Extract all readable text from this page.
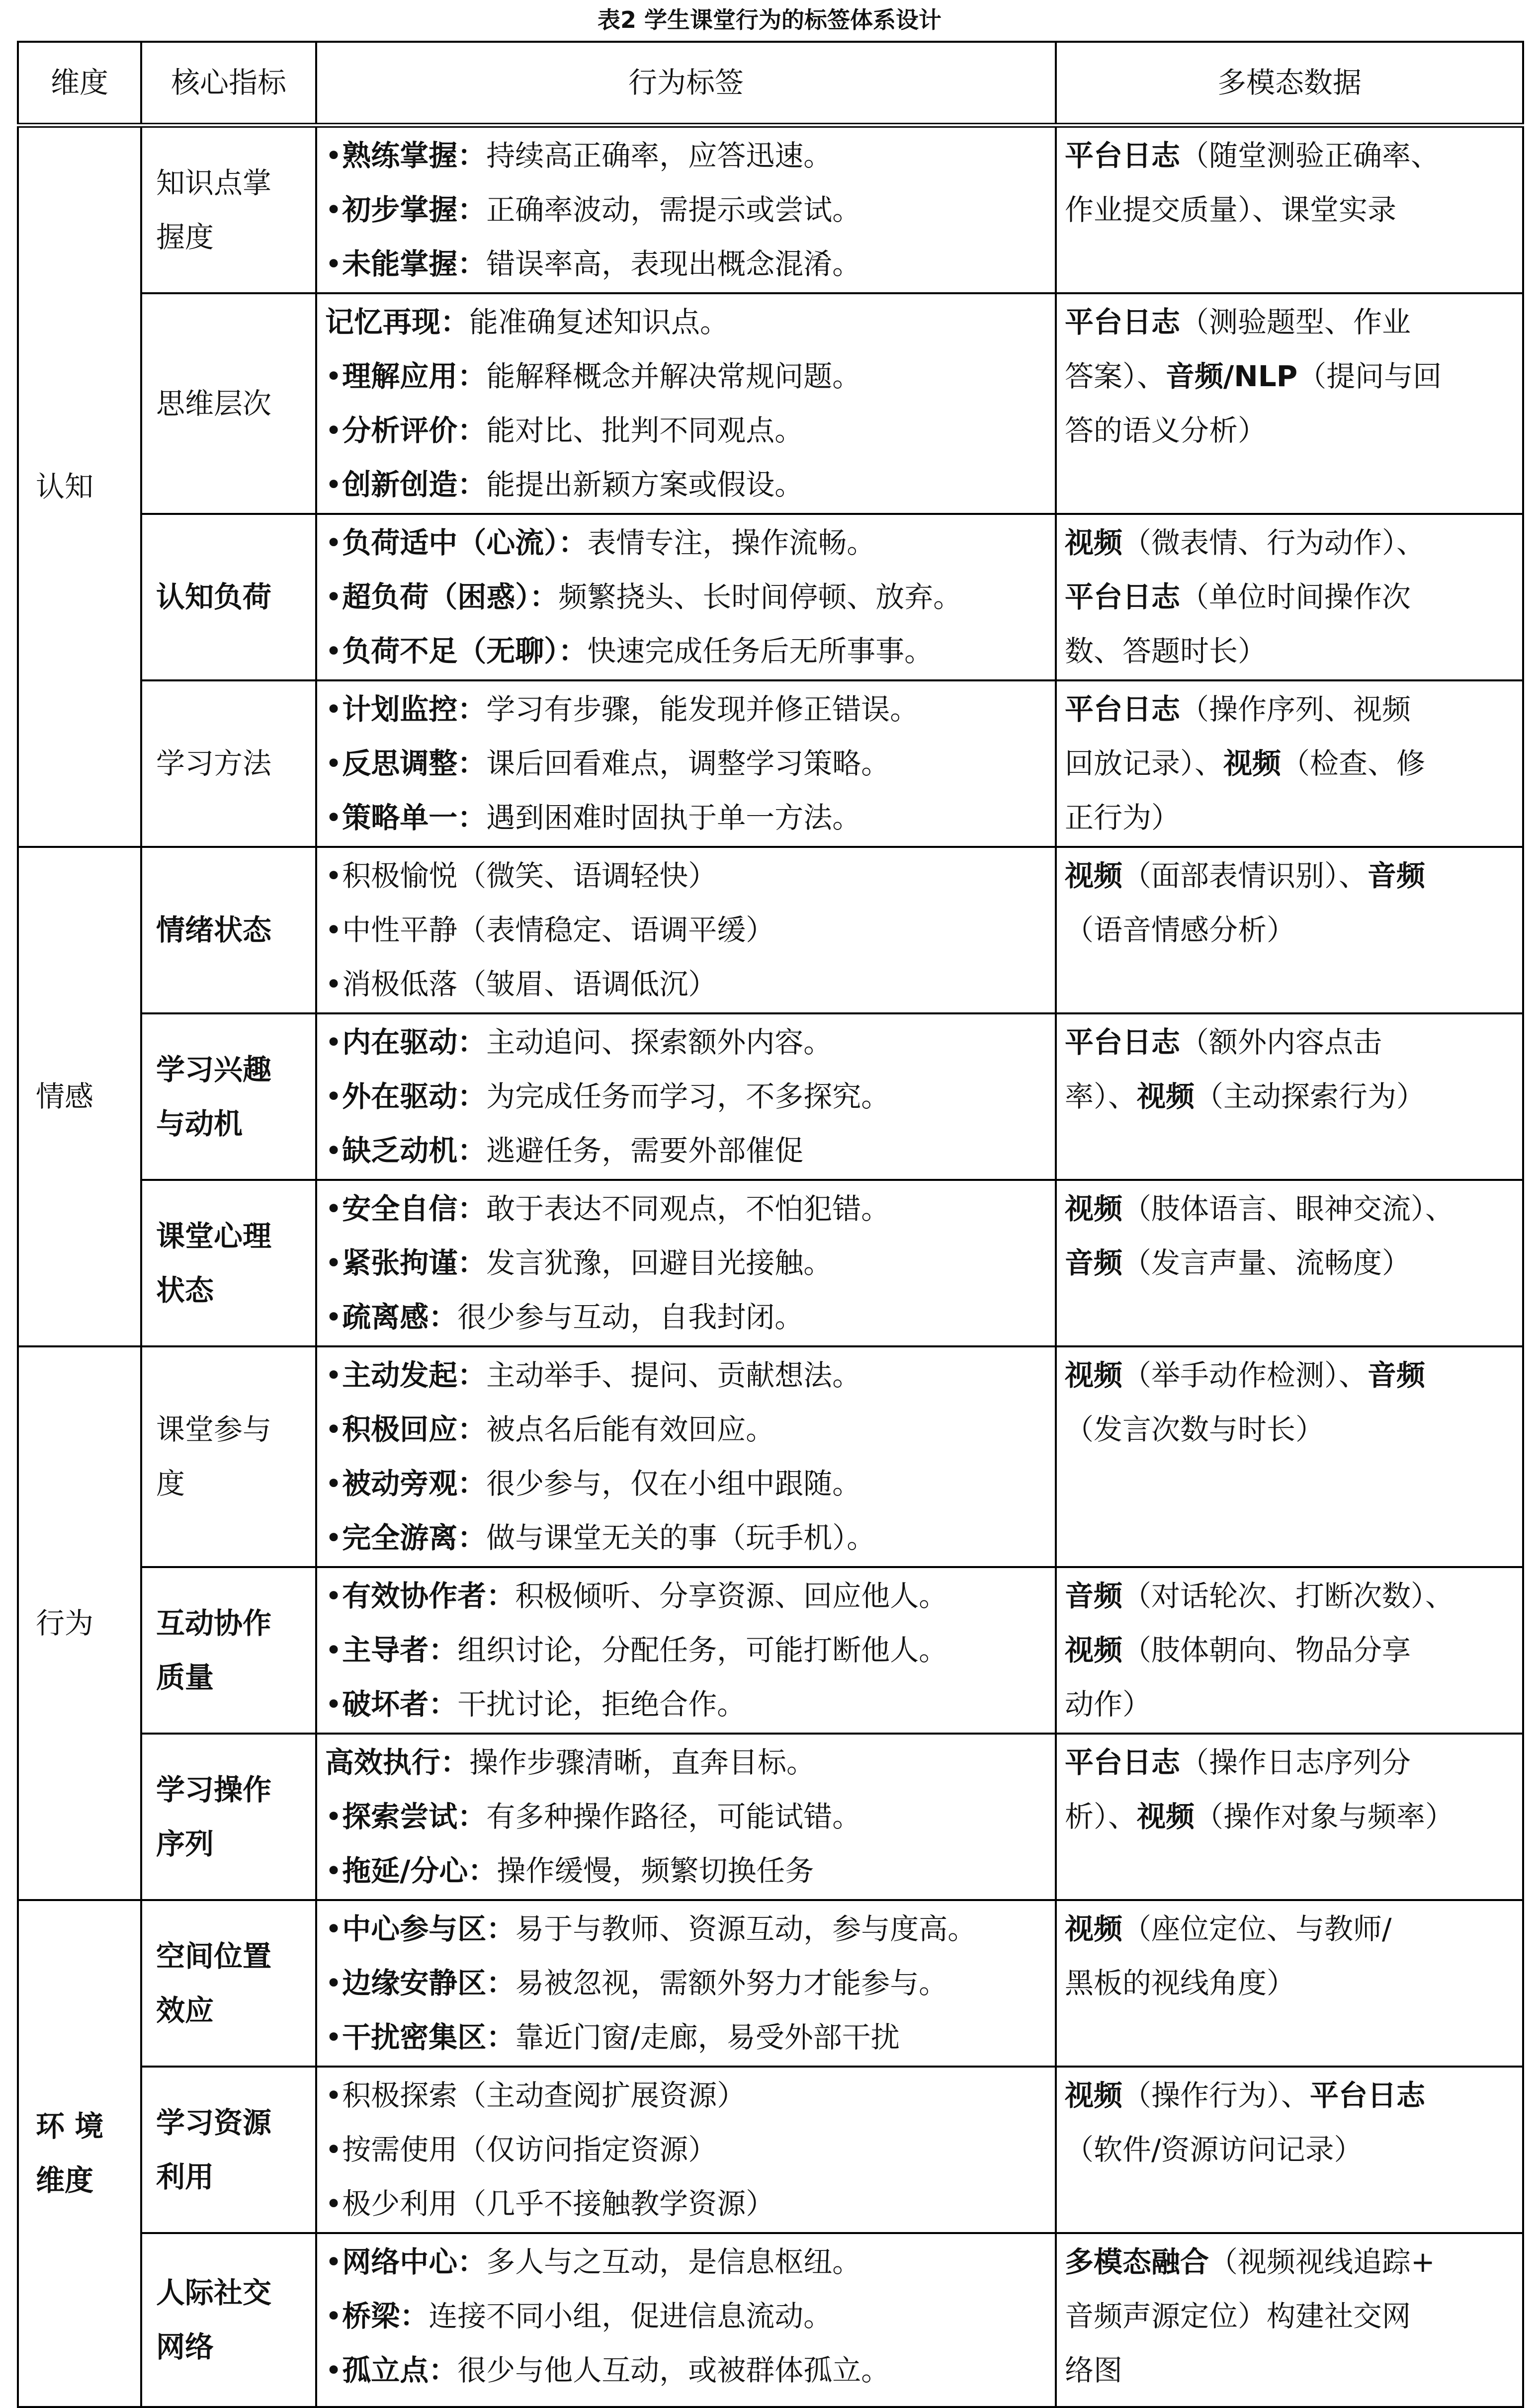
表2 学生课堂行为的标签体系设计
维度	核心指标	行为标签	多模态数据

认知	知识点掌
握度	•熟练掌握：持续高正确率，应答迅速。
•初步掌握：正确率波动，需提示或尝试。
•未能掌握：错误率高，表现出概念混淆。	平台日志（随堂测验正确率、
作业提交质量）、课堂实录

	思维层次	记忆再现：能准确复述知识点。
•理解应用：能解释概念并解决常规问题。
•分析评价：能对比、批判不同观点。
•创新创造：能提出新颖方案或假设。	平台日志（测验题型、作业
答案）、音频/NLP（提问与回
答的语义分析）

	认知负荷	•负荷适中（心流）：表情专注，操作流畅。
•超负荷（困惑）：频繁挠头、长时间停顿、放弃。
•负荷不足（无聊）：快速完成任务后无所事事。	视频（微表情、行为动作）、
平台日志（单位时间操作次
数、答题时长）

	学习方法	•计划监控：学习有步骤，能发现并修正错误。
•反思调整：课后回看难点，调整学习策略。
•策略单一：遇到困难时固执于单一方法。	平台日志（操作序列、视频
回放记录）、视频（检查、修
正行为）

情感	情绪状态	•积极愉悦（微笑、语调轻快）
•中性平静（表情稳定、语调平缓）
•消极低落（皱眉、语调低沉）	视频（面部表情识别）、音频
（语音情感分析）

	学习兴趣
与动机	•内在驱动：主动追问、探索额外内容。
•外在驱动：为完成任务而学习，不多探究。
•缺乏动机：逃避任务，需要外部催促	平台日志（额外内容点击
率）、视频（主动探索行为）

	课堂心理
状态	•安全自信：敢于表达不同观点，不怕犯错。
•紧张拘谨：发言犹豫，回避目光接触。
•疏离感：很少参与互动，自我封闭。	视频（肢体语言、眼神交流）、
音频（发言声量、流畅度）

行为	课堂参与
度	•主动发起：主动举手、提问、贡献想法。
•积极回应：被点名后能有效回应。
•被动旁观：很少参与，仅在小组中跟随。
•完全游离：做与课堂无关的事（玩手机）。	视频（举手动作检测）、音频
（发言次数与时长）

	互动协作
质量	•有效协作者：积极倾听、分享资源、回应他人。
•主导者：组织讨论，分配任务，可能打断他人。
•破坏者：干扰讨论，拒绝合作。	音频（对话轮次、打断次数）、
视频（肢体朝向、物品分享
动作）

	学习操作
序列	高效执行：操作步骤清晰，直奔目标。
•探索尝试：有多种操作路径，可能试错。
•拖延/分心：操作缓慢，频繁切换任务	平台日志（操作日志序列分
析）、视频（操作对象与频率）

环 境
维度	空间位置
效应	•中心参与区：易于与教师、资源互动，参与度高。
•边缘安静区：易被忽视，需额外努力才能参与。
•干扰密集区：靠近门窗/走廊，易受外部干扰	视频（座位定位、与教师/
黑板的视线角度）

	学习资源
利用	•积极探索（主动查阅扩展资源）
•按需使用（仅访问指定资源）
•极少利用（几乎不接触教学资源）	视频（操作行为）、平台日志
（软件/资源访问记录）

	人际社交
网络	•网络中心：多人与之互动，是信息枢纽。
•桥梁：连接不同小组，促进信息流动。
•孤立点：很少与他人互动，或被群体孤立。	多模态融合（视频视线追踪+
音频声源定位）构建社交网
络图
